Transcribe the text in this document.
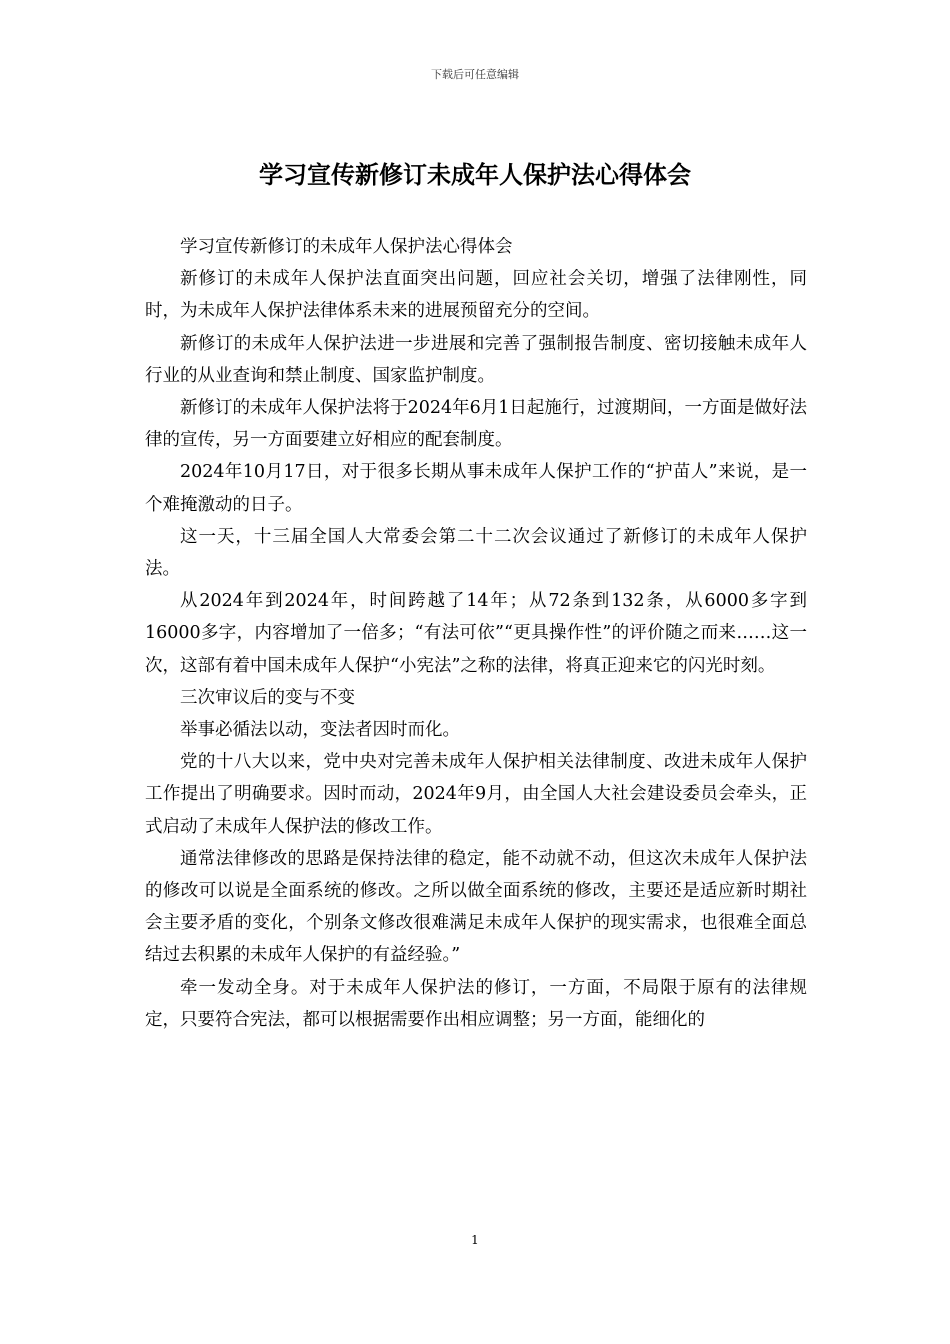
下载后可任意编辑
学习宣传新修订未成年人保护法心得体会

学习宣传新修订的未成年人保护法心得体会

新修订的未成年人保护法直面突出问题，回应社会关切，增强了法律刚性，同时，为未成年人保护法律体系未来的进展预留充分的空间。

新修订的未成年人保护法进一步进展和完善了强制报告制度、密切接触未成年人行业的从业查询和禁止制度、国家监护制度。

新修订的未成年人保护法将于2024年6月1日起施行，过渡期间，一方面是做好法律的宣传，另一方面要建立好相应的配套制度。

2024年10月17日，对于很多长期从事未成年人保护工作的“护苗人”来说，是一个难掩激动的日子。

这一天，十三届全国人大常委会第二十二次会议通过了新修订的未成年人保护法。

从2024年到2024年，时间跨越了14年；从72条到132条，从6000多字到16000多字，内容增加了一倍多；“有法可依”“更具操作性”的评价随之而来……这一次，这部有着中国未成年人保护“小宪法”之称的法律，将真正迎来它的闪光时刻。

三次审议后的变与不变

举事必循法以动，变法者因时而化。

党的十八大以来，党中央对完善未成年人保护相关法律制度、改进未成年人保护工作提出了明确要求。因时而动，2024年9月，由全国人大社会建设委员会牵头，正式启动了未成年人保护法的修改工作。

通常法律修改的思路是保持法律的稳定，能不动就不动，但这次未成年人保护法的修改可以说是全面系统的修改。之所以做全面系统的修改，主要还是适应新时期社会主要矛盾的变化，个别条文修改很难满足未成年人保护的现实需求，也很难全面总结过去积累的未成年人保护的有益经验。”

牵一发动全身。对于未成年人保护法的修订，一方面，不局限于原有的法律规定，只要符合宪法，都可以根据需要作出相应调整；另一方面，能细化的

1
